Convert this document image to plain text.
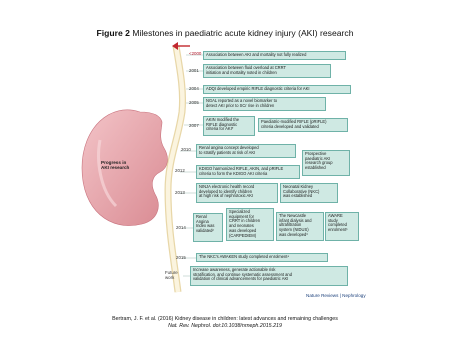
Figure 2 Milestones in paediatric acute kidney injury (AKI) research
Progress in
AKI research
<2000
2001
2004
2005
2007
2010
2012
2013
2014
2015
Future
work
Association between AKI and mortality not fully realized
Association between fluid overload at CRRT
initiation and mortality noted in children
ADQI developed empiric RIFLE diagnostic criteria for AKI
NGAL reported as a novel biomarker to
detect AKI prior to SCr rise in children
AKIN modified the
RIFLE diagnostic
criteria for AKI*
Paediatric-modified RIFLE (pRIFLE)
criteria developed and validated
Renal angina concept developed
to stratify patients at risk of AKI
KDIGO harmonized RIFLE, AKIN, and pRIFLE
criteria to form the KDIGO AKI criteria
Prospective
paediatric AKI
research group
established
NINJA electronic health record
developed to identify children
at high risk of nephrotoxic AKI
Neonatal Kidney
Collaborative (NKC)
was established
Renal
Angina
Index was
validated²
Specialized
equipment for
CRRT in children
and neonates
was developed
(CARPEDIEM)
The Newcastle
infant dialysis and
ultrafiltration
system (NIDUS)
was developed³
AWARE
study
completed
enrolment¹
The NKC’s AWAKEN study completed enrolment⁴
Increase awareness, generate actionable risk
stratification, and continue systematic assessment and
validation of clinical advancements for paediatric AKI
Nature Reviews | Nephrology
Bertram, J. F. et al. (2016) Kidney disease in children: latest advances and remaining challenges
Nat. Rev. Nephrol. doi:10.1038/nrneph.2015.219
